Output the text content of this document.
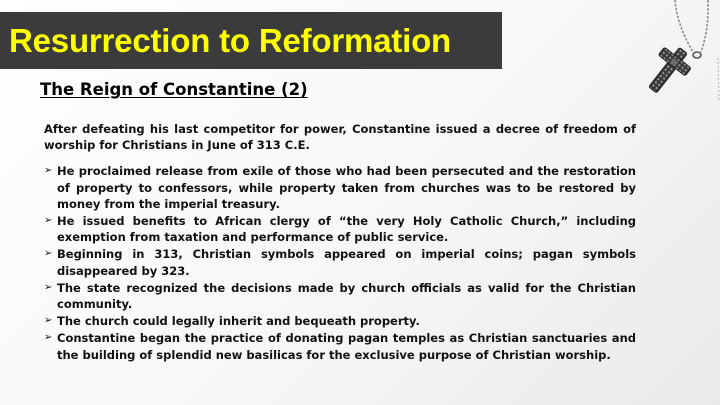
Resurrection to Reformation
The Reign of Constantine (2)

After defeating his last competitor for power, Constantine issued a decree of freedom of worship for Christians in June of 313 C.E.

➢ He proclaimed release from exile of those who had been persecuted and the restoration of property to confessors, while property taken from churches was to be restored by money from the imperial treasury.
➢ He issued benefits to African clergy of “the very Holy Catholic Church,” including exemption from taxation and performance of public service.
➢ Beginning in 313, Christian symbols appeared on imperial coins; pagan symbols disappeared by 323.
➢ The state recognized the decisions made by church officials as valid for the Christian community.
➢ The church could legally inherit and bequeath property.
➢ Constantine began the practice of donating pagan temples as Christian sanctuaries and the building of splendid new basilicas for the exclusive purpose of Christian worship.
